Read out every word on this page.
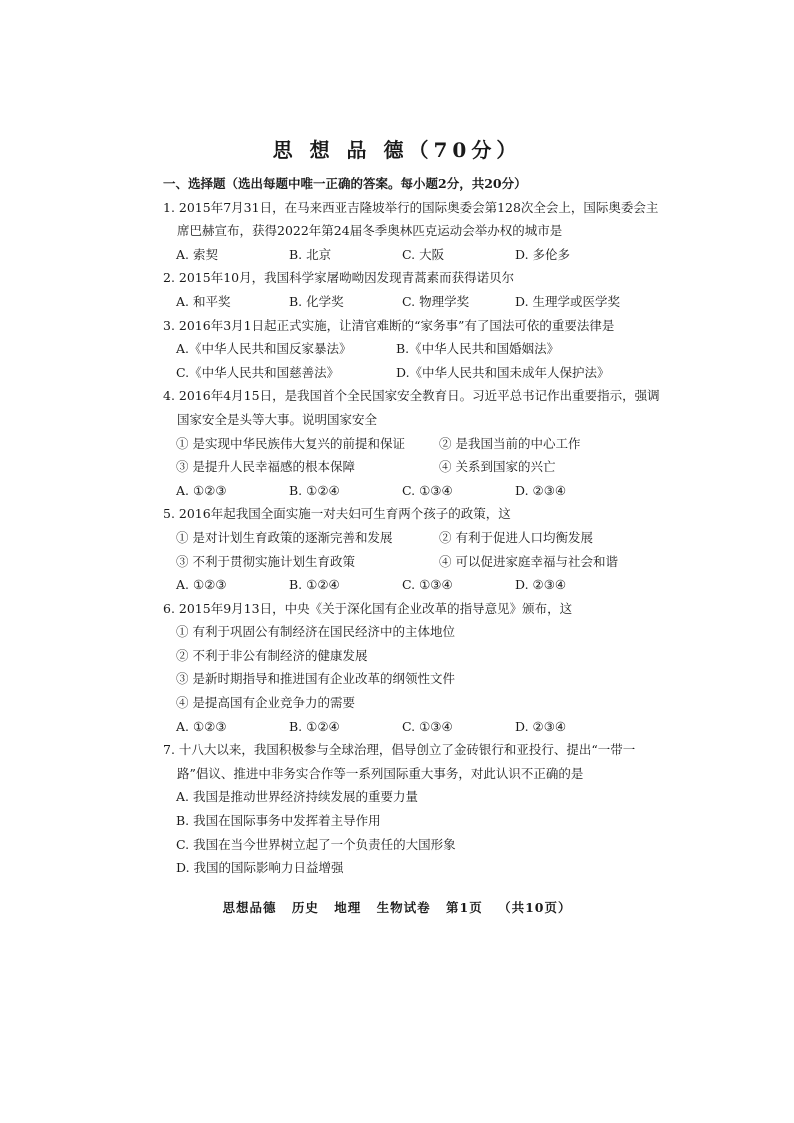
思 想 品 德（70分）
一、选择题（选出每题中唯一正确的答案。每小题2分，共20分）
1. 2015年7月31日，在马来西亚吉隆坡举行的国际奥委会第128次全会上，国际奥委会主席巴赫宣布，获得2022年第24届冬季奥林匹克运动会举办权的城市是
A. 索契	B. 北京	C. 大阪	D. 多伦多
2. 2015年10月，我国科学家屠呦呦因发现青蒿素而获得诺贝尔
A. 和平奖	B. 化学奖	C. 物理学奖	D. 生理学或医学奖
3. 2016年3月1日起正式实施，让清官难断的“家务事”有了国法可依的重要法律是
A.《中华人民共和国反家暴法》	B.《中华人民共和国婚姻法》
C.《中华人民共和国慈善法》	D.《中华人民共和国未成年人保护法》
4. 2016年4月15日，是我国首个全民国家安全教育日。习近平总书记作出重要指示，强调国家安全是头等大事。说明国家安全
① 是实现中华民族伟大复兴的前提和保证	② 是我国当前的中心工作
③ 是提升人民幸福感的根本保障	④ 关系到国家的兴亡
A. ①②③	B. ①②④	C. ①③④	D. ②③④
5. 2016年起我国全面实施一对夫妇可生育两个孩子的政策，这
① 是对计划生育政策的逐渐完善和发展	② 有利于促进人口均衡发展
③ 不利于贯彻实施计划生育政策	④ 可以促进家庭幸福与社会和谐
A. ①②③	B. ①②④	C. ①③④	D. ②③④
6. 2015年9月13日，中央《关于深化国有企业改革的指导意见》颁布，这
① 有利于巩固公有制经济在国民经济中的主体地位
② 不利于非公有制经济的健康发展
③ 是新时期指导和推进国有企业改革的纲领性文件
④ 是提高国有企业竞争力的需要
A. ①②③	B. ①②④	C. ①③④	D. ②③④
7. 十八大以来，我国积极参与全球治理，倡导创立了金砖银行和亚投行、提出“一带一路”倡议、推进中非务实合作等一系列国际重大事务，对此认识不正确的是
A. 我国是推动世界经济持续发展的重要力量
B. 我国在国际事务中发挥着主导作用
C. 我国在当今世界树立起了一个负责任的大国形象
D. 我国的国际影响力日益增强
思想品德 历史 地理 生物试卷 第1页 （共10页）
